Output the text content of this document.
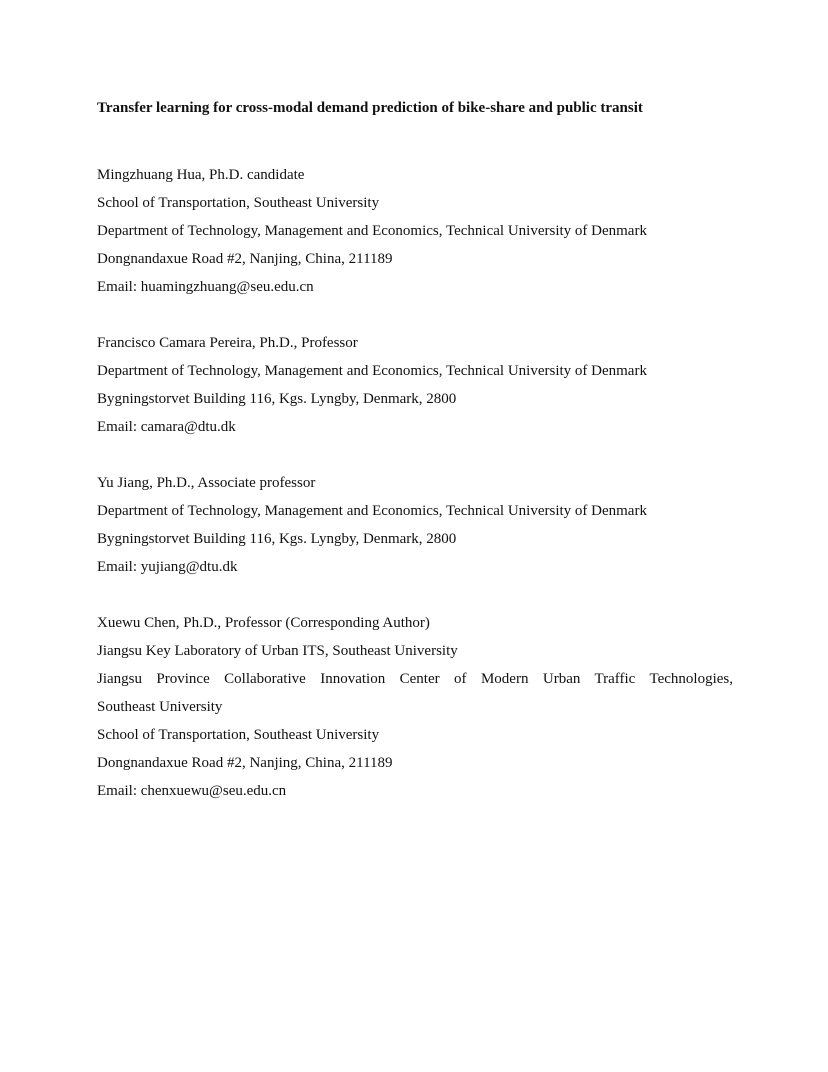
Transfer learning for cross-modal demand prediction of bike-share and public transit
Mingzhuang Hua, Ph.D. candidate
School of Transportation, Southeast University
Department of Technology, Management and Economics, Technical University of Denmark
Dongnandaxue Road #2, Nanjing, China, 211189
Email: huamingzhuang@seu.edu.cn
Francisco Camara Pereira, Ph.D., Professor
Department of Technology, Management and Economics, Technical University of Denmark
Bygningstorvet Building 116, Kgs. Lyngby, Denmark, 2800
Email: camara@dtu.dk
Yu Jiang, Ph.D., Associate professor
Department of Technology, Management and Economics, Technical University of Denmark
Bygningstorvet Building 116, Kgs. Lyngby, Denmark, 2800
Email: yujiang@dtu.dk
Xuewu Chen, Ph.D., Professor (Corresponding Author)
Jiangsu Key Laboratory of Urban ITS, Southeast University
Jiangsu Province Collaborative Innovation Center of Modern Urban Traffic Technologies,
Southeast University
School of Transportation, Southeast University
Dongnandaxue Road #2, Nanjing, China, 211189
Email: chenxuewu@seu.edu.cn
